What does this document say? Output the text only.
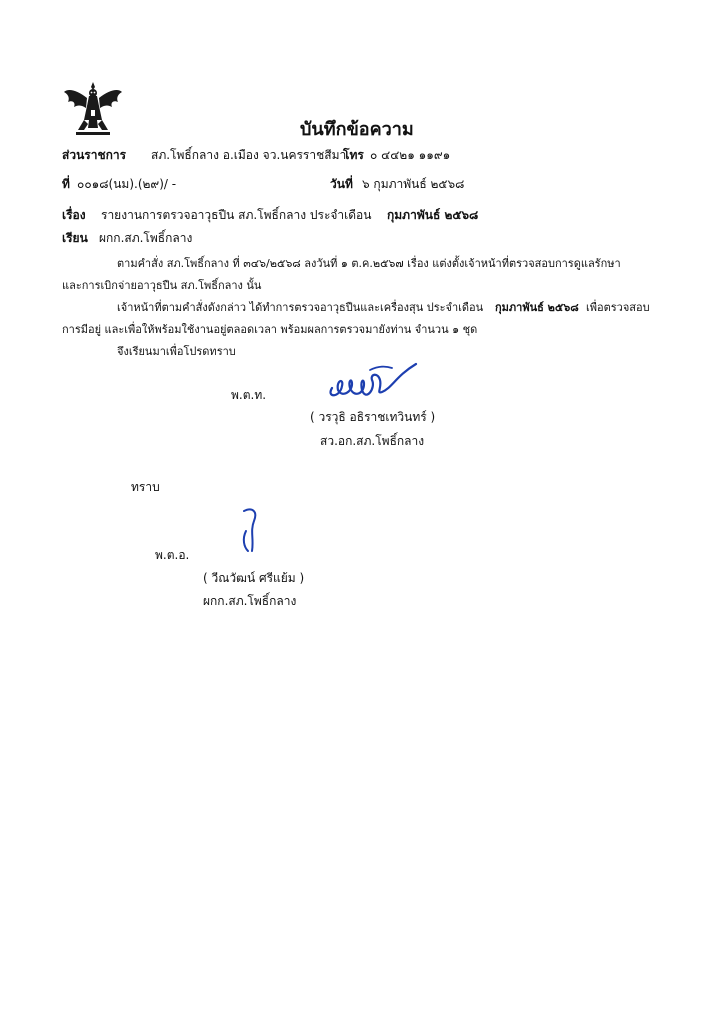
บันทึกข้อความ
ส่วนราชการ สภ.โพธิ์กลาง อ.เมือง จว.นครราชสีมา
โทร ๐ ๔๔๒๑ ๑๑๙๑
ที่ ๐๐๑๘(นม).(๒๙)/ -	วันที่ ๖ กุมภาพันธ์ ๒๕๖๘
เรื่อง รายงานการตรวจอาวุธปืน สภ.โพธิ์กลาง ประจำเดือน กุมภาพันธ์ ๒๕๖๘
เรียน ผกก.สภ.โพธิ์กลาง
ตามคำสั่ง สภ.โพธิ์กลาง ที่ ๓๔๖/๒๕๖๘ ลงวันที่ ๑ ต.ค.๒๕๖๗ เรื่อง แต่งตั้งเจ้าหน้าที่ตรวจสอบการดูแลรักษา
และการเบิกจ่ายอาวุธปืน สภ.โพธิ์กลาง นั้น
เจ้าหน้าที่ตามคำสั่งดังกล่าว ได้ทำการตรวจอาวุธปืนและเครื่องสุน ประจำเดือน กุมภาพันธ์ ๒๕๖๘ เพื่อตรวจสอบ
การมีอยู่ และเพื่อให้พร้อมใช้งานอยู่ตลอดเวลา พร้อมผลการตรวจมายังท่าน จำนวน ๑ ชุด
จึงเรียนมาเพื่อโปรดทราบ
พ.ต.ท.
( วรวุธิ อธิราชเทวินทร์ )
สว.อก.สภ.โพธิ์กลาง
ทราบ
พ.ต.อ.
( วีณวัฒน์ ศรีแย้ม )
ผกก.สภ.โพธิ์กลาง
